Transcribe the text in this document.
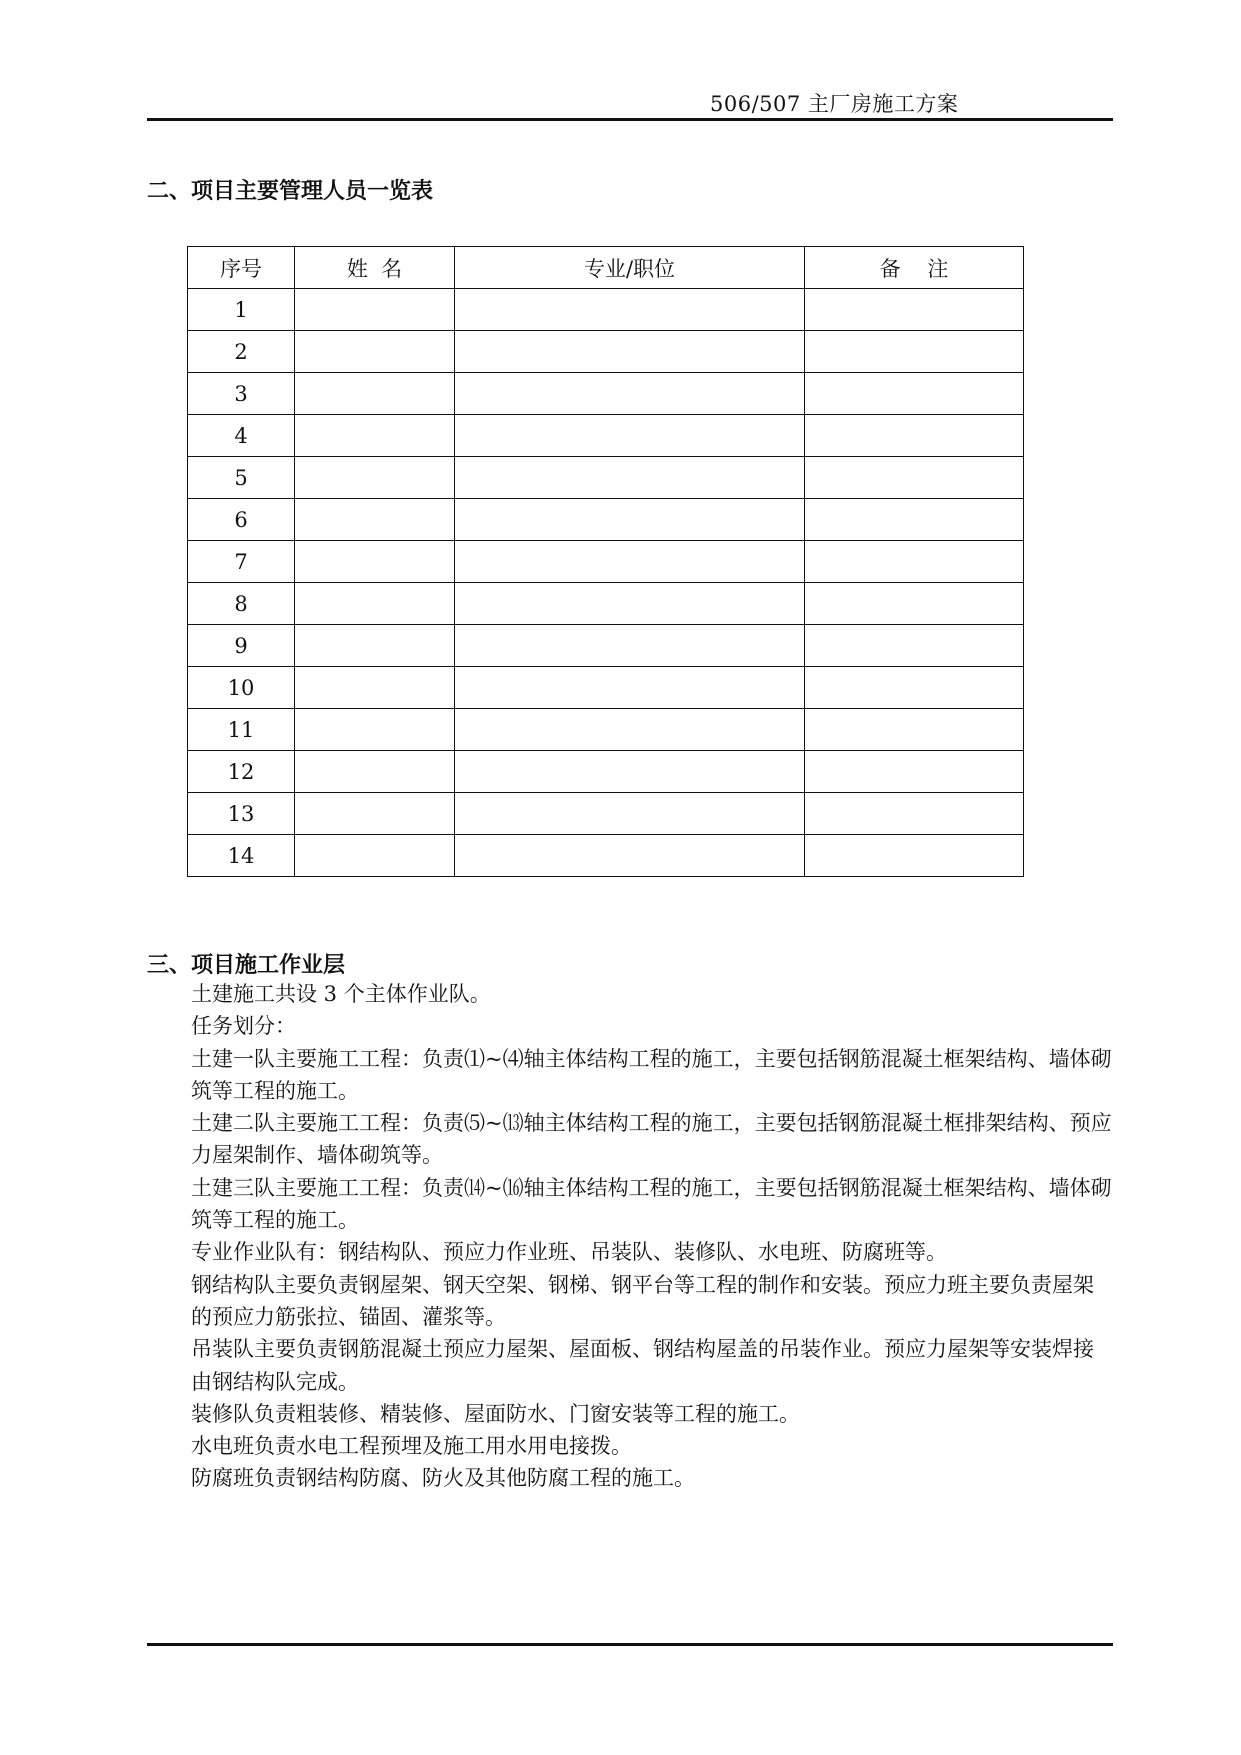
506/507 主厂房施工方案
二、项目主要管理人员一览表
序号	姓  名	专业/职位	备    注
1			
2			
3			
4			
5			
6			
7			
8			
9			
10			
11			
12			
13			
14			
三、项目施工作业层

土建施工共设 3 个主体作业队。

任务划分：

土建一队主要施工工程：负责⑴~⑷轴主体结构工程的施工，主要包括钢筋混凝土框架结构、墙体砌筑等工程的施工。

土建二队主要施工工程：负责⑸~⒀轴主体结构工程的施工，主要包括钢筋混凝土框排架结构、预应力屋架制作、墙体砌筑等。

土建三队主要施工工程：负责⒁~⒃轴主体结构工程的施工，主要包括钢筋混凝土框架结构、墙体砌筑等工程的施工。

专业作业队有：钢结构队、预应力作业班、吊装队、装修队、水电班、防腐班等。

钢结构队主要负责钢屋架、钢天空架、钢梯、钢平台等工程的制作和安装。预应力班主要负责屋架的预应力筋张拉、锚固、灌浆等。

吊装队主要负责钢筋混凝土预应力屋架、屋面板、钢结构屋盖的吊装作业。预应力屋架等安装焊接由钢结构队完成。

装修队负责粗装修、精装修、屋面防水、门窗安装等工程的施工。

水电班负责水电工程预埋及施工用水用电接拨。

防腐班负责钢结构防腐、防火及其他防腐工程的施工。
